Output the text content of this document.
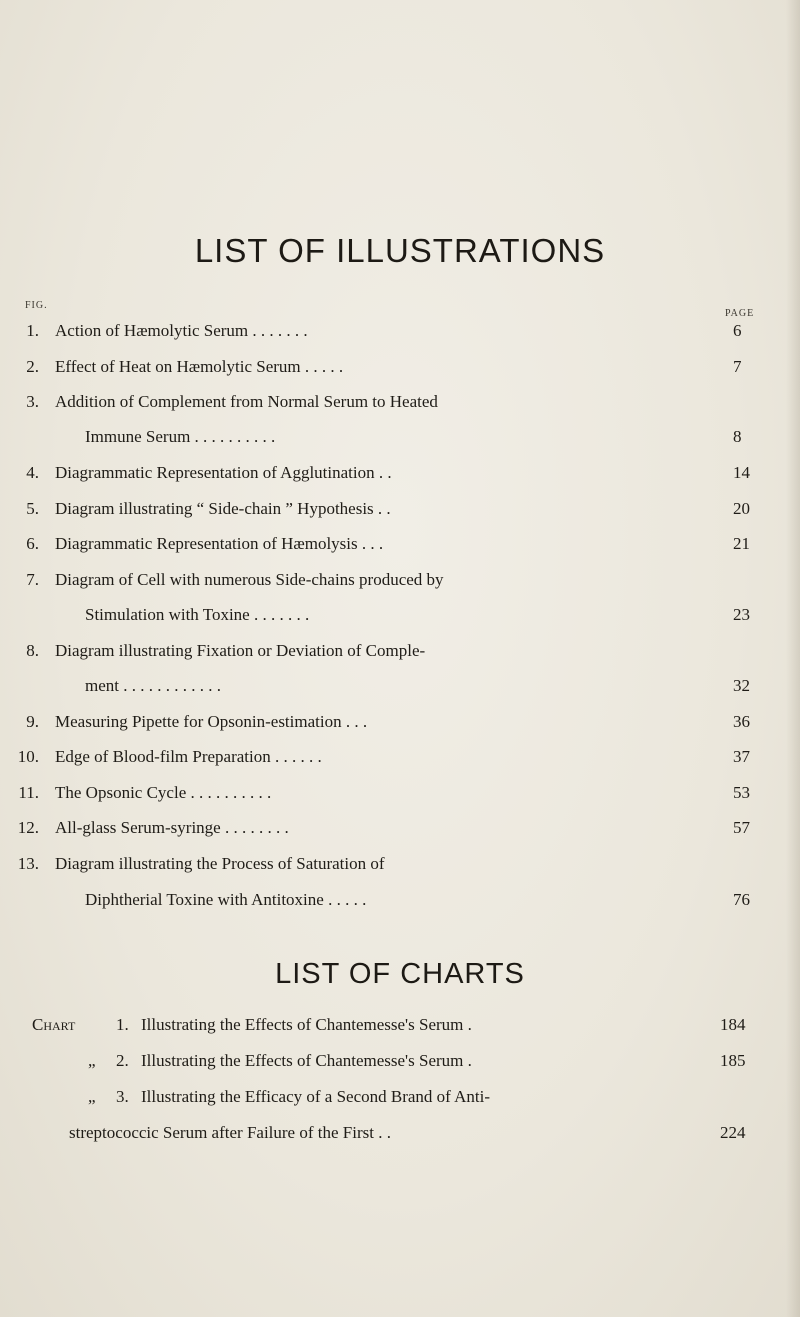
LIST OF ILLUSTRATIONS
FIG.
PAGE
1. Action of Hæmolytic Serum . . . . . . .	6
2. Effect of Heat on Hæmolytic Serum . . . . .	7
3. Addition of Complement from Normal Serum to Heated
Immune Serum . . . . . . . . . .	8
4. Diagrammatic Representation of Agglutination . .	14
5. Diagram illustrating “ Side-chain ” Hypothesis . .	20
6. Diagrammatic Representation of Hæmolysis . . .	21
7. Diagram of Cell with numerous Side-chains produced by
Stimulation with Toxine . . . . . . .	23
8. Diagram illustrating Fixation or Deviation of Comple-
ment . . . . . . . . . . . .	32
9. Measuring Pipette for Opsonin-estimation . . .	36
10. Edge of Blood-film Preparation . . . . . .	37
11. The Opsonic Cycle . . . . . . . . . .	53
12. All-glass Serum-syringe . . . . . . . .	57
13. Diagram illustrating the Process of Saturation of
Diphtherial Toxine with Antitoxine . . . . .	76
LIST OF CHARTS
Chart 1. Illustrating the Effects of Chantemesse's Serum .	184
„ 2. Illustrating the Effects of Chantemesse's Serum .	185
„ 3. Illustrating the Efficacy of a Second Brand of Anti-
streptococcic Serum after Failure of the First . .	224
